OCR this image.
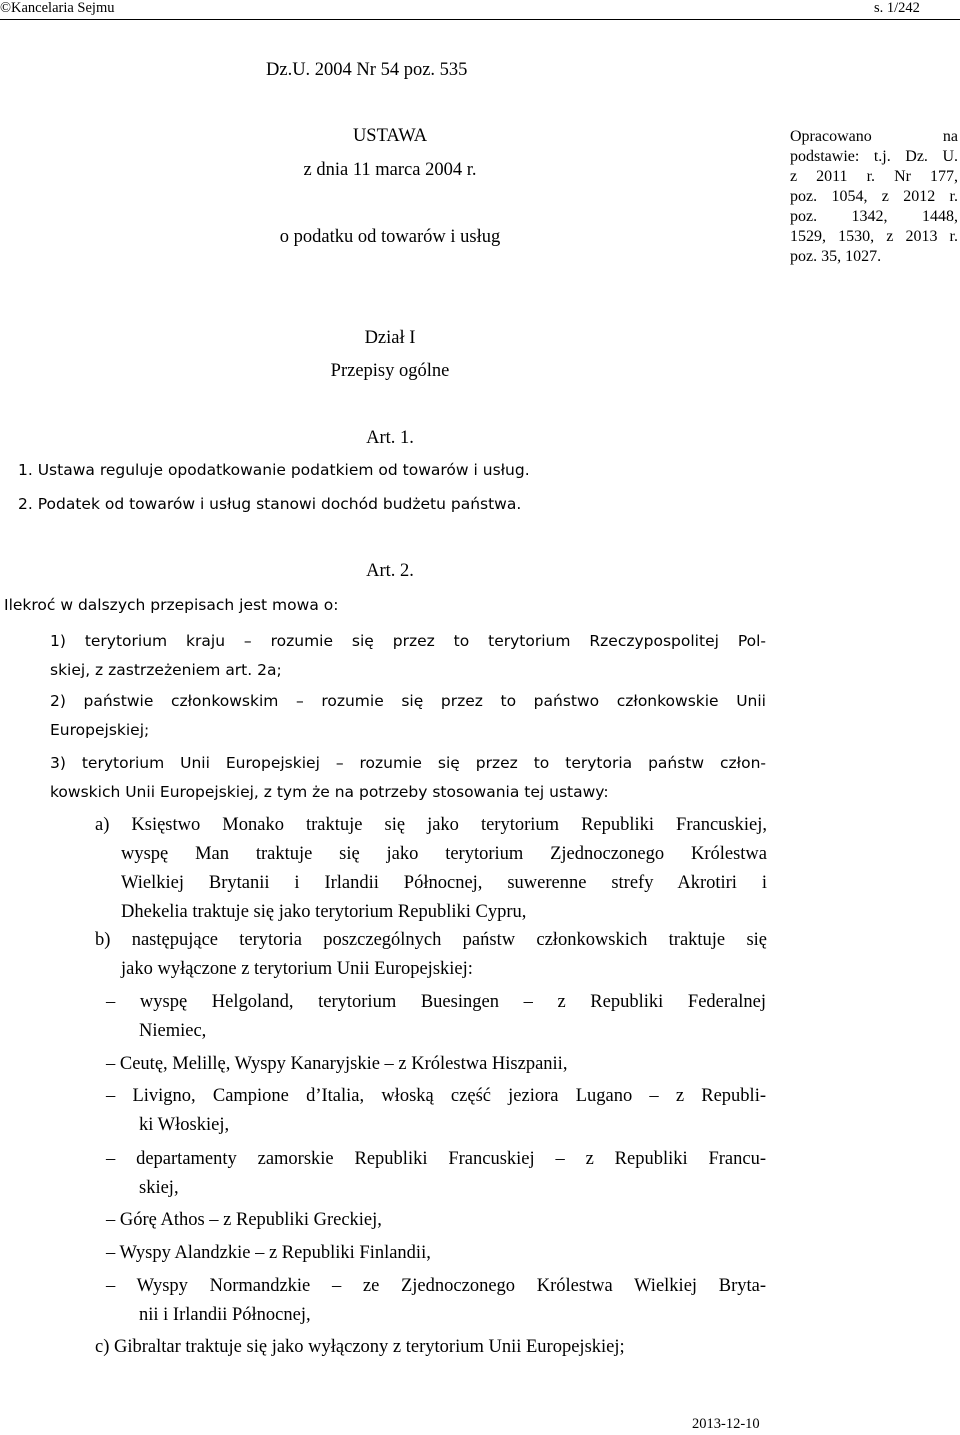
©Kancelaria Sejmu	s. 1/242
Dz.U. 2004 Nr 54 poz. 535
USTAWA
z dnia 11 marca 2004 r.
o podatku od towarów i usług
Opracowano na
podstawie: t.j. Dz. U.
z 2011 r. Nr 177,
poz. 1054, z 2012 r.
poz. 1342, 1448,
1529, 1530, z 2013 r.
poz. 35, 1027.
Dział I
Przepisy ogólne
Art. 1.
1. Ustawa reguluje opodatkowanie podatkiem od towarów i usług.
2. Podatek od towarów i usług stanowi dochód budżetu państwa.
Art. 2.
Ilekroć w dalszych przepisach jest mowa o:
1) terytorium kraju – rozumie się przez to terytorium Rzeczypospolitej Pol-
skiej, z zastrzeżeniem art. 2a;
2) państwie członkowskim – rozumie się przez to państwo członkowskie Unii
Europejskiej;
3) terytorium Unii Europejskiej – rozumie się przez to terytoria państw człon-
kowskich Unii Europejskiej, z tym że na potrzeby stosowania tej ustawy:
a) Księstwo Monako traktuje się jako terytorium Republiki Francuskiej,
wyspę Man traktuje się jako terytorium Zjednoczonego Królestwa
Wielkiej Brytanii i Irlandii Północnej, suwerenne strefy Akrotiri i
Dhekelia traktuje się jako terytorium Republiki Cypru,
b) następujące terytoria poszczególnych państw członkowskich traktuje się
jako wyłączone z terytorium Unii Europejskiej:
– wyspę Helgoland, terytorium Buesingen – z Republiki Federalnej
Niemiec,
– Ceutę, Melillę, Wyspy Kanaryjskie – z Królestwa Hiszpanii,
– Livigno, Campione d’Italia, włoską część jeziora Lugano – z Republi-
ki Włoskiej,
– departamenty zamorskie Republiki Francuskiej – z Republiki Francu-
skiej,
– Górę Athos – z Republiki Greckiej,
– Wyspy Alandzkie – z Republiki Finlandii,
– Wyspy Normandzkie – ze Zjednoczonego Królestwa Wielkiej Bryta-
nii i Irlandii Północnej,
c) Gibraltar traktuje się jako wyłączony z terytorium Unii Europejskiej;
2013-12-10
